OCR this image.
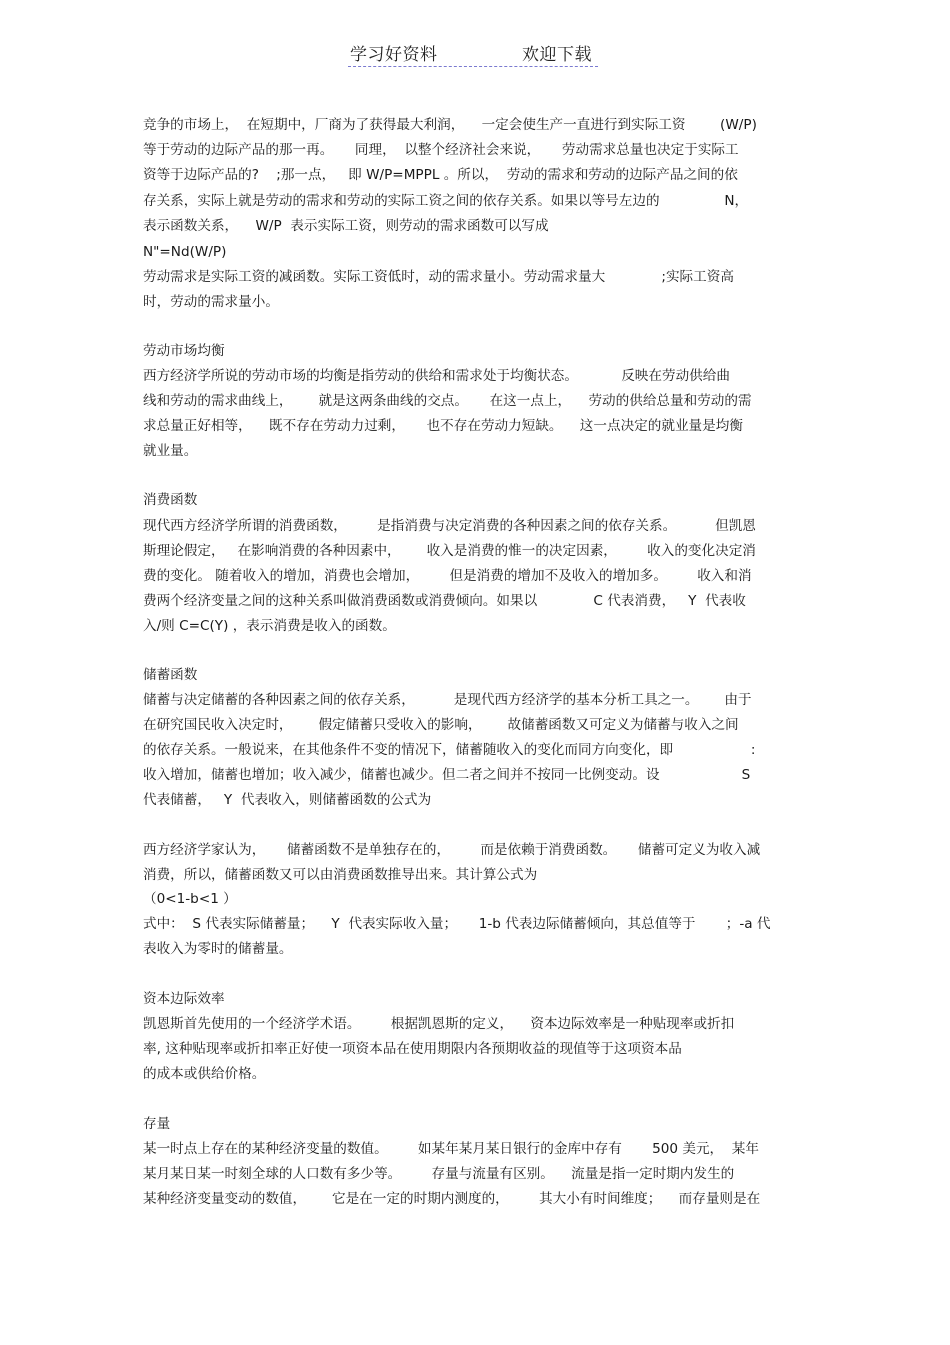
学习好资料	欢迎下载
竞争的市场上，  在短期中，厂商为了获得最大利润，    一定会使生产一直进行到实际工资        (W/P)
等于劳动的边际产品的那一再。     同理，  以整个经济社会来说，     劳动需求总量也决定于实际工
资等于边际产品的?    ;那一点，   即 W/P=MPPL 。所以，  劳动的需求和劳动的边际产品之间的依
存关系，实际上就是劳动的需求和劳动的实际工资之间的依存关系。如果以等号左边的               N，
表示函数关系，    W/P  表示实际工资，则劳动的需求函数可以写成
N"=Nd(W/P)
劳动需求是实际工资的减函数。实际工资低时，动的需求量小。劳动需求量大             ;实际工资高
时，劳动的需求量小。
劳动市场均衡
西方经济学所说的劳动市场的均衡是指劳动的供给和需求处于均衡状态。          反映在劳动供给曲
线和劳动的需求曲线上，      就是这两条曲线的交点。     在这一点上，    劳动的供给总量和劳动的需
求总量正好相等，    既不存在劳动力过剩，     也不存在劳动力短缺。    这一点决定的就业量是均衡
就业量。
消费函数
现代西方经济学所谓的消费函数，       是指消费与决定消费的各种因素之间的依存关系。         但凯恩
斯理论假定，   在影响消费的各种因素中，      收入是消费的惟一的决定因素，       收入的变化决定消
费的变化。 随着收入的增加，消费也会增加，       但是消费的增加不及收入的增加多。       收入和消
费两个经济变量之间的这种关系叫做消费函数或消费倾向。如果以             C 代表消费，   Y  代表收
入/则 C=C(Y) ，表示消费是收入的函数。
储蓄函数
储蓄与决定储蓄的各种因素之间的依存关系，         是现代西方经济学的基本分析工具之一。      由于
在研究国民收入决定时，      假定储蓄只受收入的影响，      故储蓄函数又可定义为储蓄与收入之间
的依存关系。一般说来，在其他条件不变的情况下，储蓄随收入的变化而同方向变化，即                  :
收入增加，储蓄也增加；收入减少，储蓄也减少。但二者之间并不按同一比例变动。设                   S
代表储蓄，   Y  代表收入，则储蓄函数的公式为
西方经济学家认为，     储蓄函数不是单独存在的，       而是依赖于消费函数。     储蓄可定义为收入减
消费，所以，储蓄函数又可以由消费函数推导出来。其计算公式为
（0<1-b<1 ）
式中：  S 代表实际储蓄量；    Y  代表实际收入量；     1-b 代表边际储蓄倾向，其总值等于       ；-a 代
表收入为零时的储蓄量。
资本边际效率
凯恩斯首先使用的一个经济学术语。       根据凯恩斯的定义，    资本边际效率是一种贴现率或折扣
率, 这种贴现率或折扣率正好使一项资本品在使用期限内各预期收益的现值等于这项资本品
的成本或供给价格。
存量
某一时点上存在的某种经济变量的数值。       如某年某月某日银行的金库中存有       500 美元，  某年
某月某日某一时刻全球的人口数有多少等。       存量与流量有区别。    流量是指一定时期内发生的
某种经济变量变动的数值，      它是在一定的时期内测度的，       其大小有时间维度；    而存量则是在
